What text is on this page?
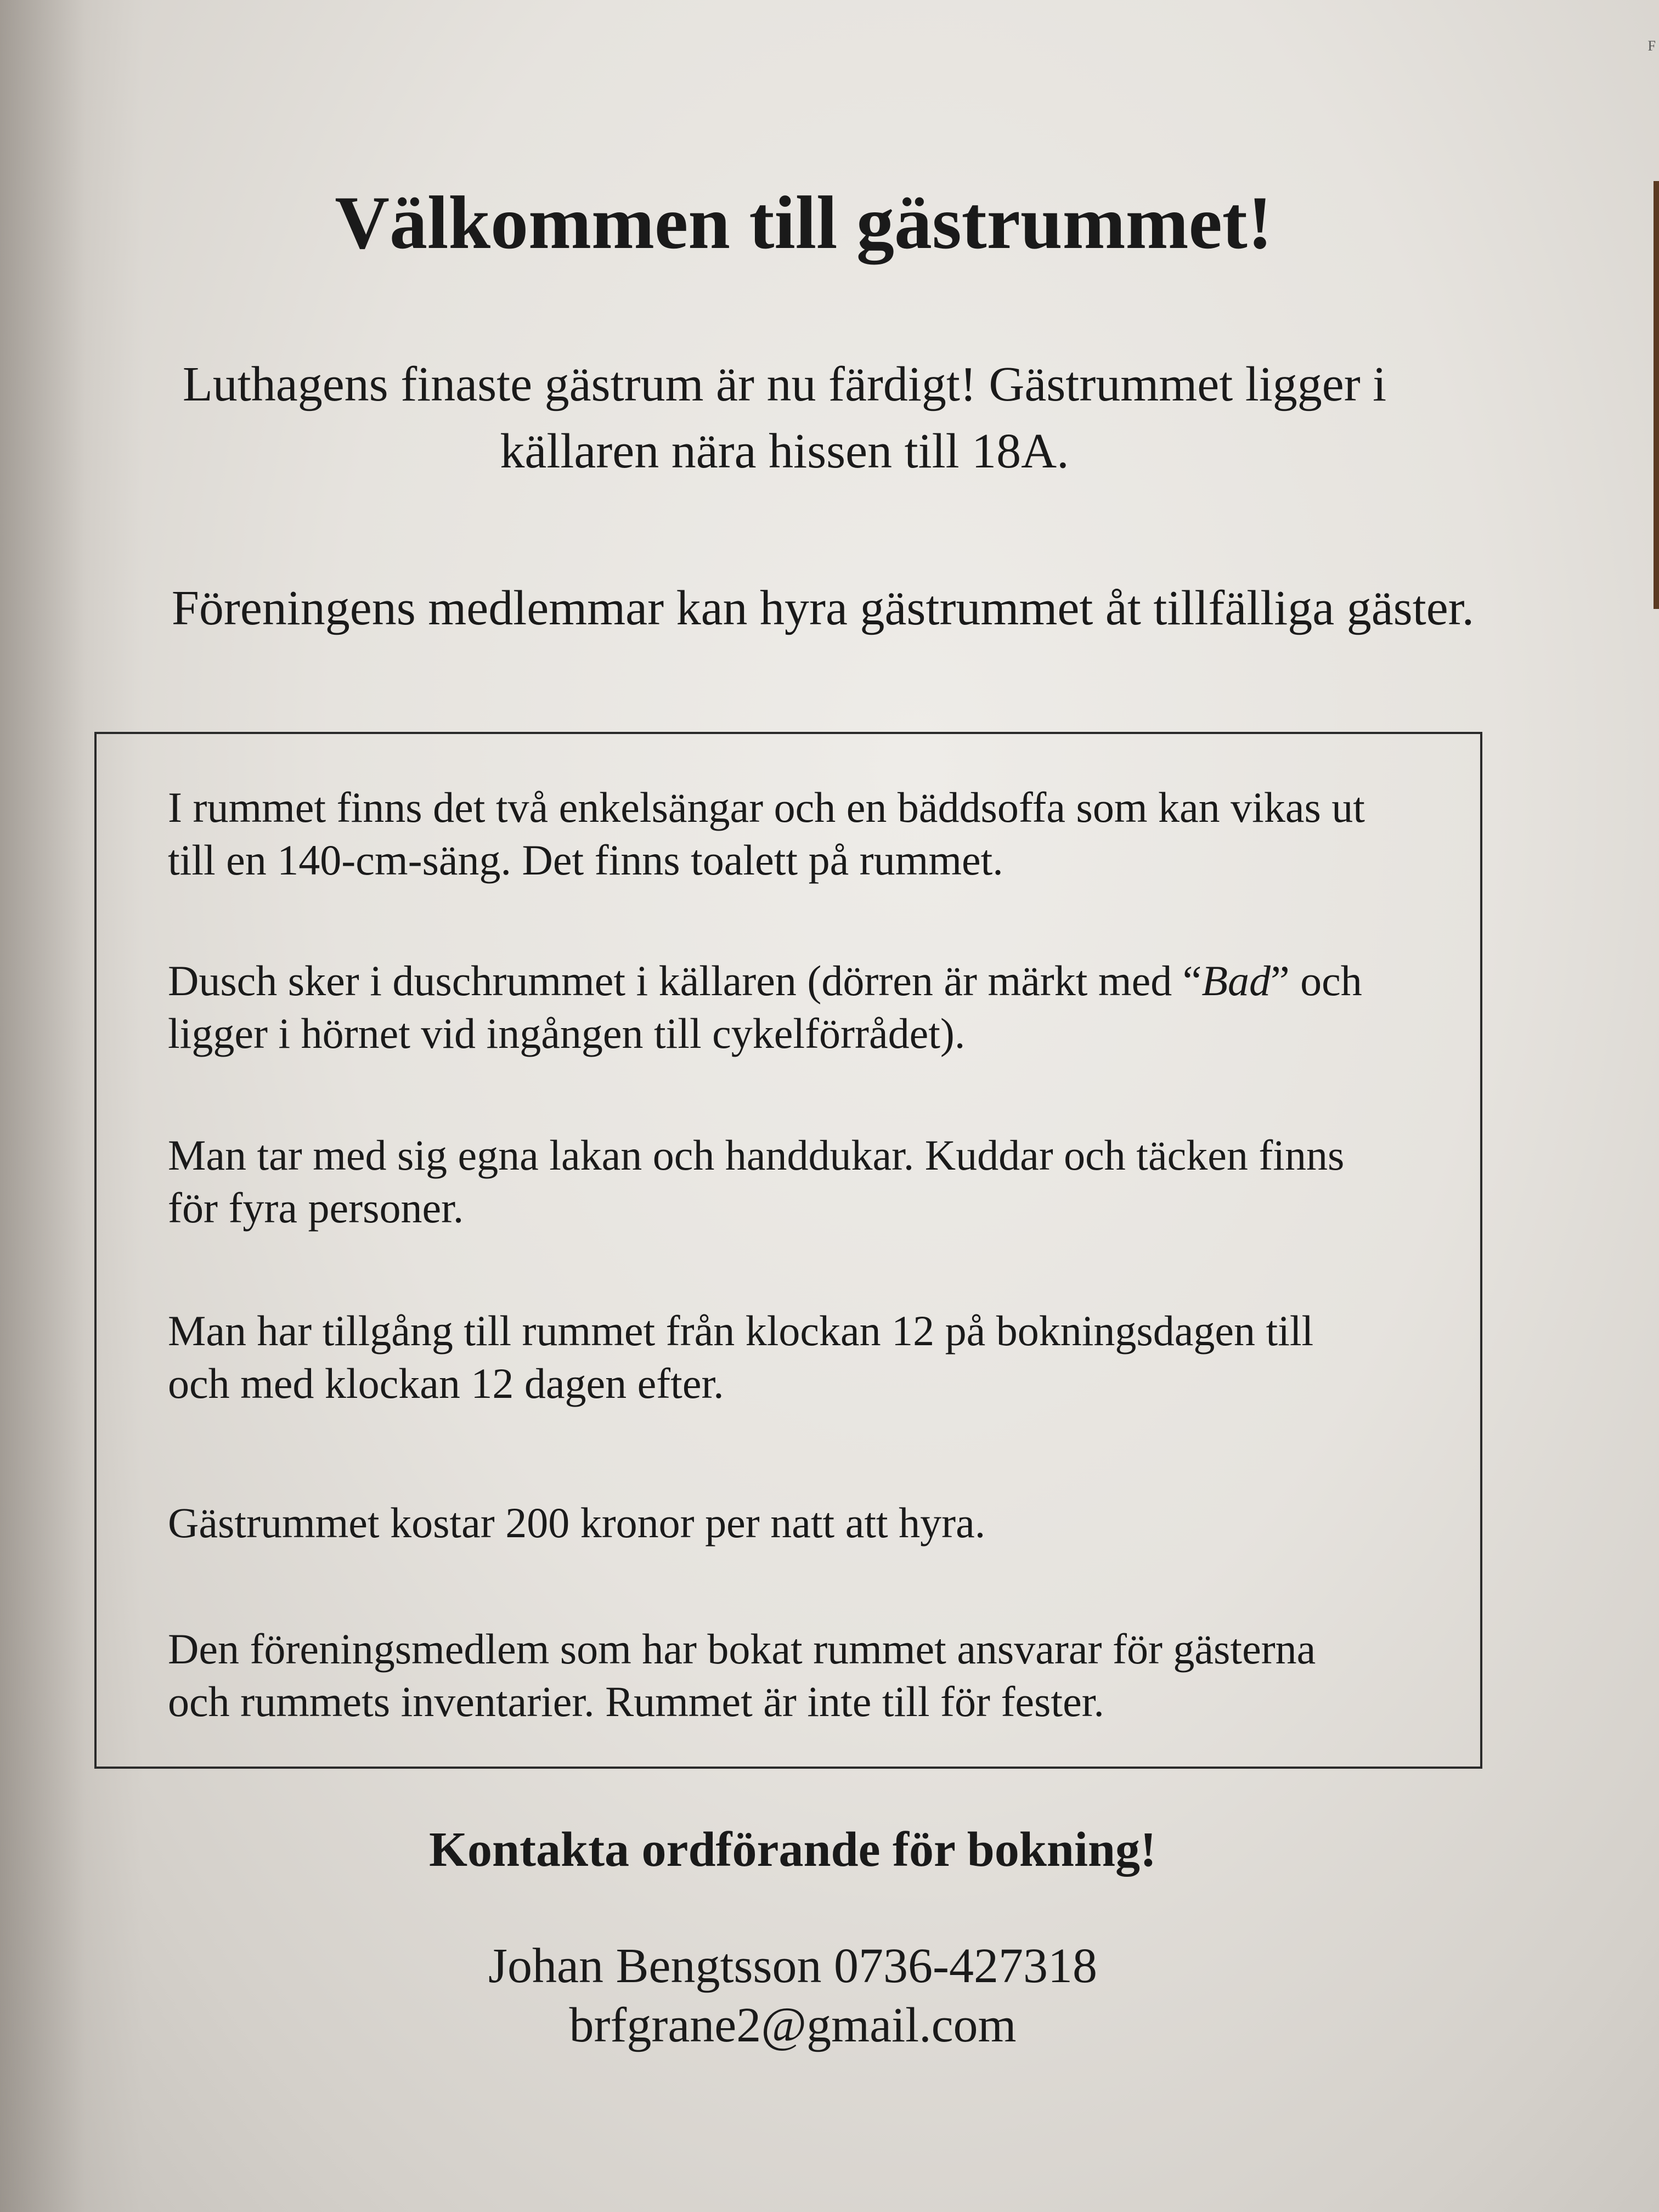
F
Välkommen till gästrummet!
Luthagens finaste gästrum är nu färdigt! Gästrummet ligger i
källaren nära hissen till 18A.
Föreningens medlemmar kan hyra gästrummet åt tillfälliga gäster.
I rummet finns det två enkelsängar och en bäddsoffa som kan vikas ut
till en 140-cm-säng. Det finns toalett på rummet.
Dusch sker i duschrummet i källaren (dörren är märkt med “Bad” och
ligger i hörnet vid ingången till cykelförrådet).
Man tar med sig egna lakan och handdukar. Kuddar och täcken finns
för fyra personer.
Man har tillgång till rummet från klockan 12 på bokningsdagen till
och med klockan 12 dagen efter.
Gästrummet kostar 200 kronor per natt att hyra.
Den föreningsmedlem som har bokat rummet ansvarar för gästerna
och rummets inventarier. Rummet är inte till för fester.
Kontakta ordförande för bokning!
Johan Bengtsson 0736-427318
brfgrane2@gmail.com
